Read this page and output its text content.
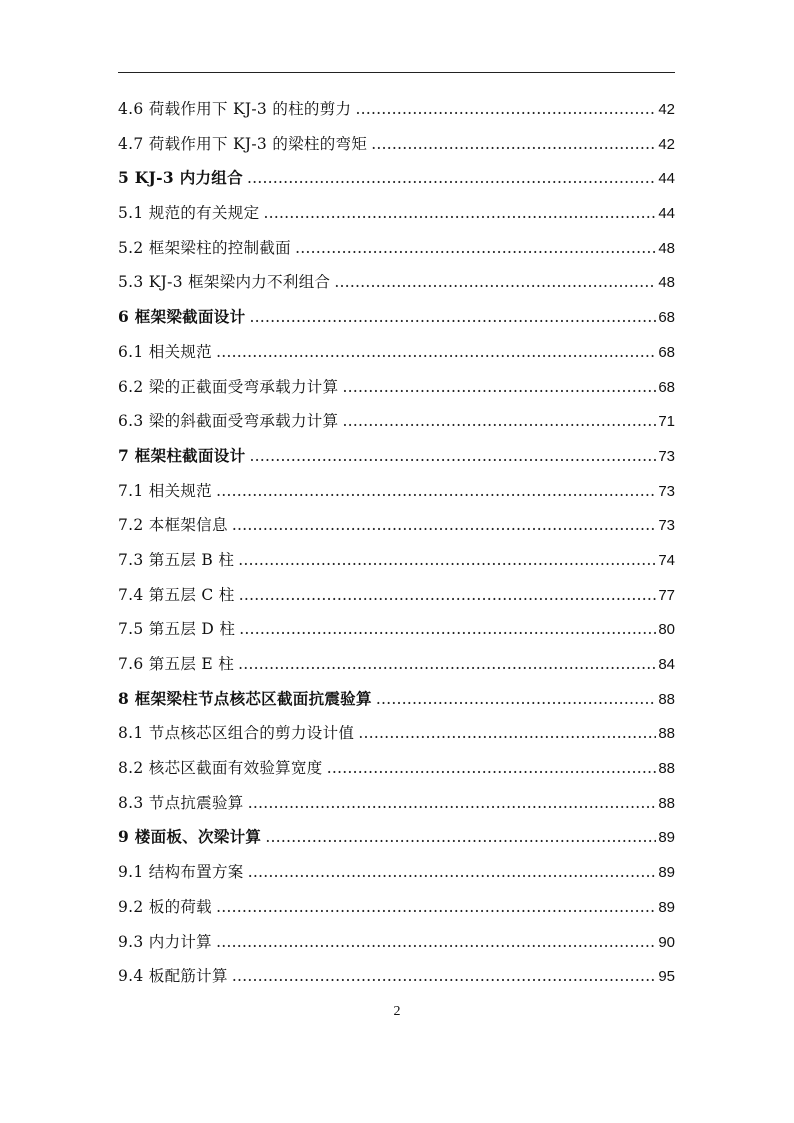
4.6 荷载作用下 KJ-3 的柱的剪力 …………………………………………………………………………………………………………………………………………	42
4.7 荷载作用下 KJ-3 的梁柱的弯矩 …………………………………………………………………………………………………………………………………………	42
5 KJ-3 内力组合 …………………………………………………………………………………………………………………………………………	44
5.1 规范的有关规定 …………………………………………………………………………………………………………………………………………	44
5.2 框架梁柱的控制截面 …………………………………………………………………………………………………………………………………………	48
5.3 KJ-3 框架梁内力不利组合 …………………………………………………………………………………………………………………………………………	48
6 框架梁截面设计 …………………………………………………………………………………………………………………………………………	68
6.1 相关规范 …………………………………………………………………………………………………………………………………………	68
6.2 梁的正截面受弯承载力计算 …………………………………………………………………………………………………………………………………………	68
6.3 梁的斜截面受弯承载力计算 …………………………………………………………………………………………………………………………………………	71
7 框架柱截面设计 …………………………………………………………………………………………………………………………………………	73
7.1 相关规范 …………………………………………………………………………………………………………………………………………	73
7.2 本框架信息 …………………………………………………………………………………………………………………………………………	73
7.3 第五层 B 柱 …………………………………………………………………………………………………………………………………………	74
7.4 第五层 C 柱 …………………………………………………………………………………………………………………………………………	77
7.5 第五层 D 柱 …………………………………………………………………………………………………………………………………………	80
7.6 第五层 E 柱 …………………………………………………………………………………………………………………………………………	84
8 框架梁柱节点核芯区截面抗震验算 …………………………………………………………………………………………………………………………………………	88
8.1 节点核芯区组合的剪力设计值 …………………………………………………………………………………………………………………………………………	88
8.2 核芯区截面有效验算宽度 …………………………………………………………………………………………………………………………………………	88
8.3 节点抗震验算 …………………………………………………………………………………………………………………………………………	88
9 楼面板、次梁计算 …………………………………………………………………………………………………………………………………………	89
9.1 结构布置方案 …………………………………………………………………………………………………………………………………………	89
9.2 板的荷载 …………………………………………………………………………………………………………………………………………	89
9.3 内力计算 …………………………………………………………………………………………………………………………………………	90
9.4 板配筋计算 …………………………………………………………………………………………………………………………………………	95
2
